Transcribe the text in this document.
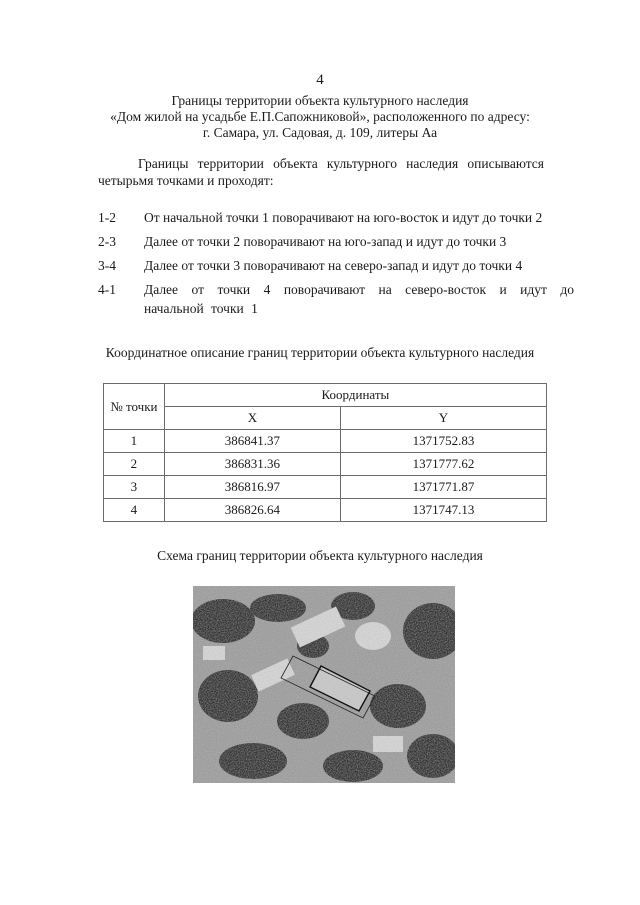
4
Границы территории объекта культурного наследия
«Дом жилой на усадьбе Е.П.Сапожниковой», расположенного по адресу:
г. Самара, ул. Садовая, д. 109, литеры Аа
Границы территории объекта культурного наследия описываются четырьмя точками и проходят:
1-2	От начальной точки 1 поворачивают на юго-восток и идут до точки 2
2-3	Далее от точки 2 поворачивают на юго-запад и идут до точки 3
3-4	Далее от точки 3 поворачивают на северо-запад и идут до точки 4
4-1	Далее от точки 4 поворачивают на северо-восток и идут до начальной точки 1
Координатное описание границ территории объекта культурного наследия
№ точки	Координаты	
	X	Y
1	386841.37	1371752.83
2	386831.36	1371777.62
3	386816.97	1371771.87
4	386826.64	1371747.13
Схема границ территории объекта культурного наследия
